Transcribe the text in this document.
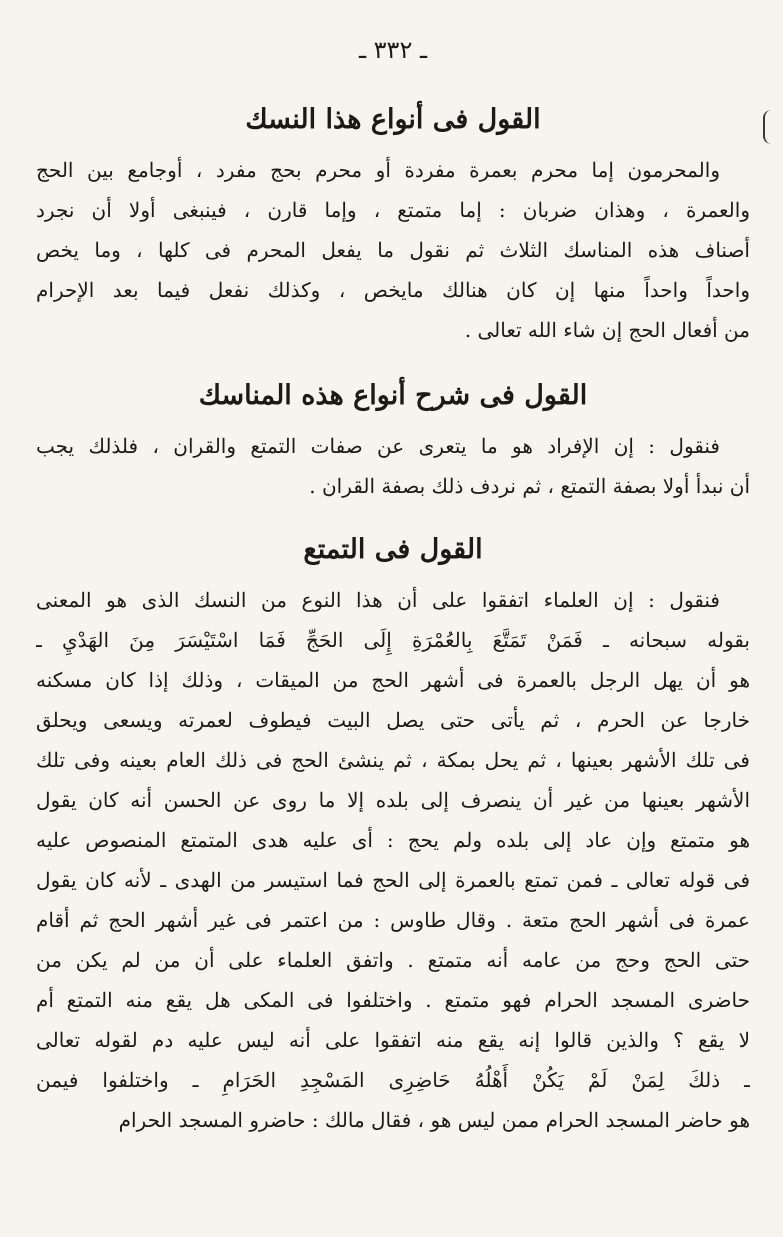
ـ ٣٣٢ ـ
القول فى أنواع هذا النسك
والمحرمون إما محرم بعمرة مفردة أو محرم بحج مفرد ، أوجامع بين الحج
والعمرة ، وهذان ضربان : إما متمتع ، وإما قارن ، فينبغى أولا أن نجرد
أصناف هذه المناسك الثلاث ثم نقول ما يفعل المحرم فى كلها ، وما يخص
واحداً واحداً منها إن كان هنالك مايخص ، وكذلك نفعل فيما بعد الإحرام
من أفعال الحج إن شاء الله تعالى .
القول فى شرح أنواع هذه المناسك
فنقول : إن الإفراد هو ما يتعرى عن صفات التمتع والقران ، فلذلك يجب
أن نبدأ أولا بصفة التمتع ، ثم نردف ذلك بصفة القران .
القول فى التمتع
فنقول : إن العلماء اتفقوا على أن هذا النوع من النسك الذى هو المعنى
بقوله سبحانه ـ فَمَنْ تَمَتَّعَ بِالعُمْرَةِ إِلَى الحَجِّ فَمَا اسْتَيْسَرَ مِنَ الهَدْيِ ـ
هو أن يهل الرجل بالعمرة فى أشهر الحج من الميقات ، وذلك إذا كان مسكنه
خارجا عن الحرم ، ثم يأتى حتى يصل البيت فيطوف لعمرته ويسعى ويحلق
فى تلك الأشهر بعينها ، ثم يحل بمكة ، ثم ينشئ الحج فى ذلك العام بعينه وفى تلك
الأشهر بعينها من غير أن ينصرف إلى بلده إلا ما روى عن الحسن أنه كان يقول
هو متمتع وإن عاد إلى بلده ولم يحج : أى عليه هدى المتمتع المنصوص عليه
فى قوله تعالى ـ فمن تمتع بالعمرة إلى الحج فما استيسر من الهدى ـ لأنه كان يقول
عمرة فى أشهر الحج متعة . وقال طاوس : من اعتمر فى غير أشهر الحج ثم أقام
حتى الحج وحج من عامه أنه متمتع . واتفق العلماء على أن من لم يكن من
حاضرى المسجد الحرام فهو متمتع . واختلفوا فى المكى هل يقع منه التمتع أم
لا يقع ؟ والذين قالوا إنه يقع منه اتفقوا على أنه ليس عليه دم لقوله تعالى
ـ ذلكَ لِمَنْ لَمْ يَكُنْ أَهْلُهُ حَاضِرِى المَسْجِدِ الحَرَامِ ـ واختلفوا فيمن
هو حاضر المسجد الحرام ممن ليس هو ، فقال مالك : حاضرو المسجد الحرام
